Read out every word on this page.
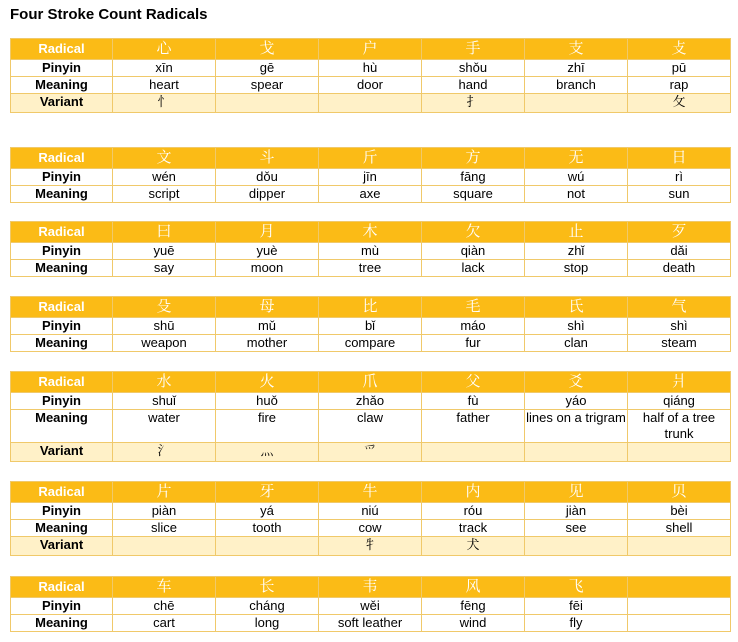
Four Stroke Count Radicals
Radical	心	戈	户	手	支	攴
Pinyin	xīn	gē	hù	shǒu	zhī	pū
Meaning	heart	spear	door	hand	branch	rap
Variant	忄			扌		攵
Radical	文	斗	斤	方	无	日
Pinyin	wén	dǒu	jīn	fāng	wú	rì
Meaning	script	dipper	axe	square	not	sun
Radical	曰	月	木	欠	止	歹
Pinyin	yuē	yuè	mù	qiàn	zhǐ	dǎi
Meaning	say	moon	tree	lack	stop	death
Radical	殳	母	比	毛	氏	气
Pinyin	shū	mǔ	bǐ	máo	shì	shì
Meaning	weapon	mother	compare	fur	clan	steam
Radical	水	火	爪	父	爻	爿
Pinyin	shuǐ	huǒ	zhǎo	fù	yáo	qiáng
Meaning	water	fire	claw	father	lines on a trigram	half of a tree trunk
Variant	氵	灬	爫			
Radical	片	牙	牛	内	见	贝
Pinyin	piàn	yá	niú	róu	jiàn	bèi
Meaning	slice	tooth	cow	track	see	shell
Variant			牜	犬		
Radical	车	长	韦	风	飞	
Pinyin	chē	cháng	wěi	fēng	fēi	
Meaning	cart	long	soft leather	wind	fly	
